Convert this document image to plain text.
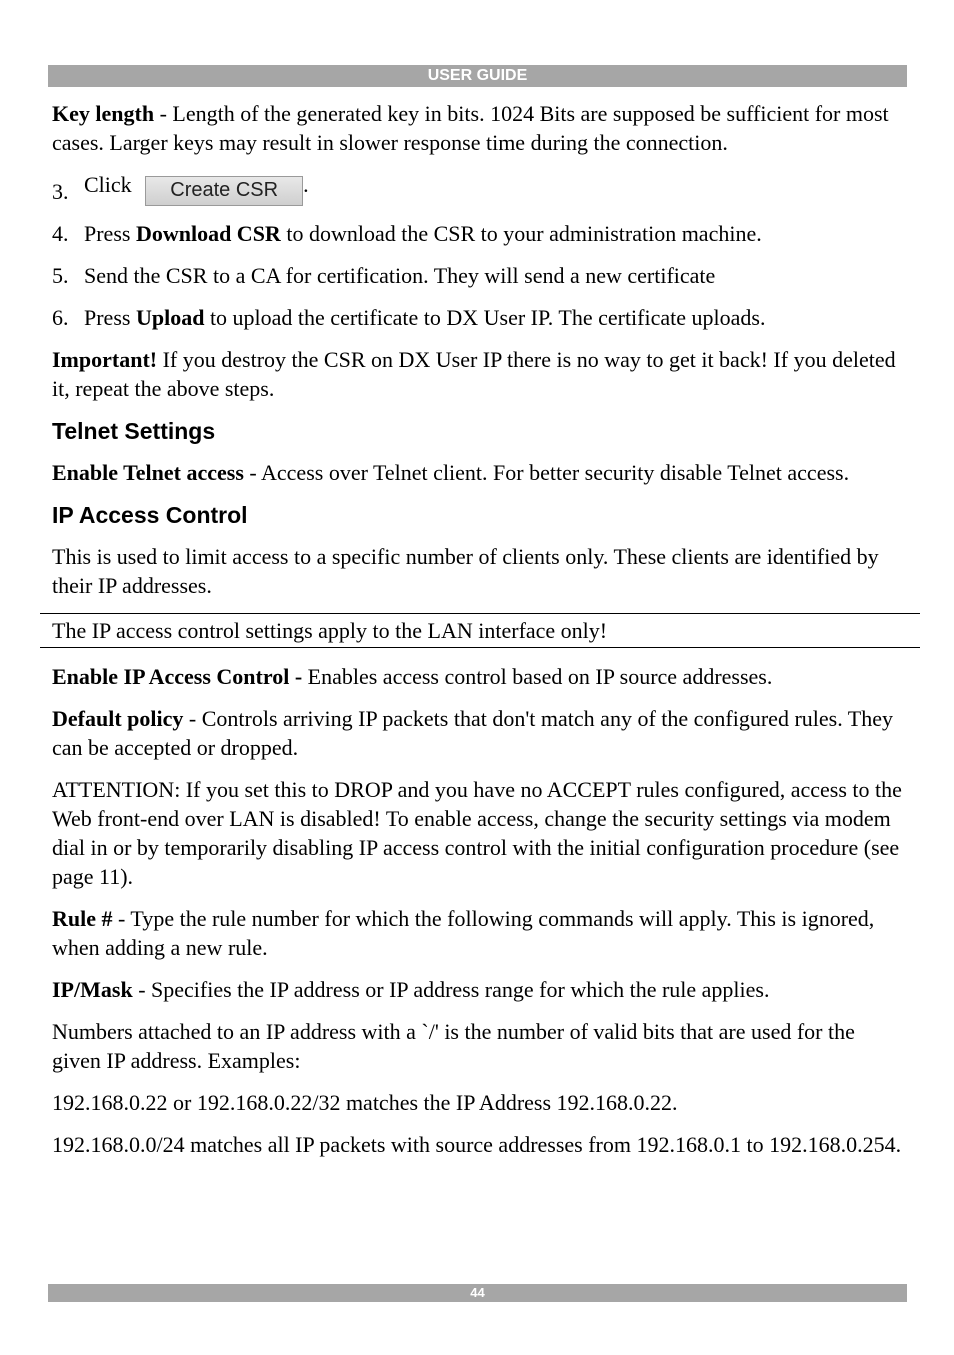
USER GUIDE

Key length - Length of the generated key in bits. 1024 Bits are supposed be sufficient for most cases. Larger keys may result in slower response time during the connection.

3. Click Create CSR .
4. Press Download CSR to download the CSR to your administration machine.
5. Send the CSR to a CA for certification. They will send a new certificate
6. Press Upload to upload the certificate to DX User IP. The certificate uploads.

Important! If you destroy the CSR on DX User IP there is no way to get it back! If you deleted it, repeat the above steps.

Telnet Settings

Enable Telnet access - Access over Telnet client. For better security disable Telnet access.

IP Access Control

This is used to limit access to a specific number of clients only. These clients are identified by their IP addresses.

The IP access control settings apply to the LAN interface only!

Enable IP Access Control - Enables access control based on IP source addresses.

Default policy - Controls arriving IP packets that don't match any of the configured rules. They can be accepted or dropped.

ATTENTION: If you set this to DROP and you have no ACCEPT rules configured, access to the Web front-end over LAN is disabled! To enable access, change the security settings via modem dial in or by temporarily disabling IP access control with the initial configuration procedure (see page 11).

Rule # - Type the rule number for which the following commands will apply. This is ignored, when adding a new rule.

IP/Mask - Specifies the IP address or IP address range for which the rule applies.

Numbers attached to an IP address with a `/' is the number of valid bits that are used for the given IP address. Examples:

192.168.0.22 or 192.168.0.22/32 matches the IP Address 192.168.0.22.

192.168.0.0/24 matches all IP packets with source addresses from 192.168.0.1 to 192.168.0.254.

44
